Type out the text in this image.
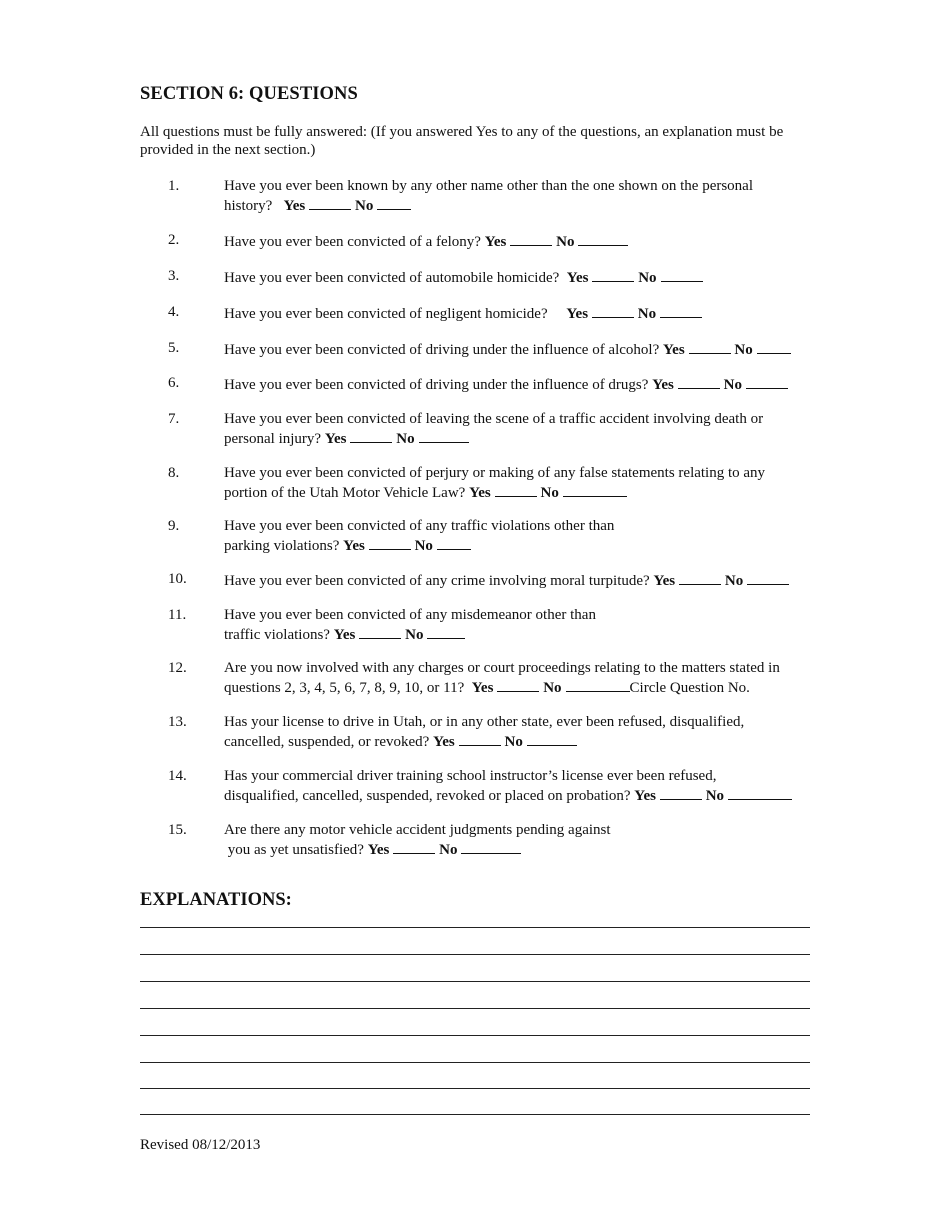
SECTION 6: QUESTIONS

All questions must be fully answered: (If you answered Yes to any of the questions, an explanation must be provided in the next section.)

1.	Have you ever been known by any other name other than the one shown on the personal
history? Yes	No
2.	Have you ever been convicted of a felony? Yes	No
3.	Have you ever been convicted of automobile homicide? Yes	No
4.	Have you ever been convicted of negligent homicide? Yes	No
5.	Have you ever been convicted of driving under the influence of alcohol? Yes	No
6.	Have you ever been convicted of driving under the influence of drugs? Yes	No
7.	Have you ever been convicted of leaving the scene of a traffic accident involving death or
personal injury? Yes	No
8.	Have you ever been convicted of perjury or making of any false statements relating to any
portion of the Utah Motor Vehicle Law? Yes	No
9.	Have you ever been convicted of any traffic violations other than
parking violations? Yes	No
10. Have you ever been convicted of any crime involving moral turpitude? Yes	No
11.	Have you ever been convicted of any misdemeanor other than
traffic violations? Yes	No
12. Are you now involved with any charges or court proceedings relating to the matters stated in
questions 2, 3, 4, 5, 6, 7, 8, 9, 10, or 11? Yes	No	Circle Question No.
13. Has your license to drive in Utah, or in any other state, ever been refused, disqualified,
cancelled, suspended, or revoked? Yes	No
14. Has your commercial driver training school instructor’s license ever been refused,
disqualified, cancelled, suspended, revoked or placed on probation? Yes	No
15. Are there any motor vehicle accident judgments pending against
you as yet unsatisfied? Yes	No
EXPLANATIONS:
Revised 08/12/2013
